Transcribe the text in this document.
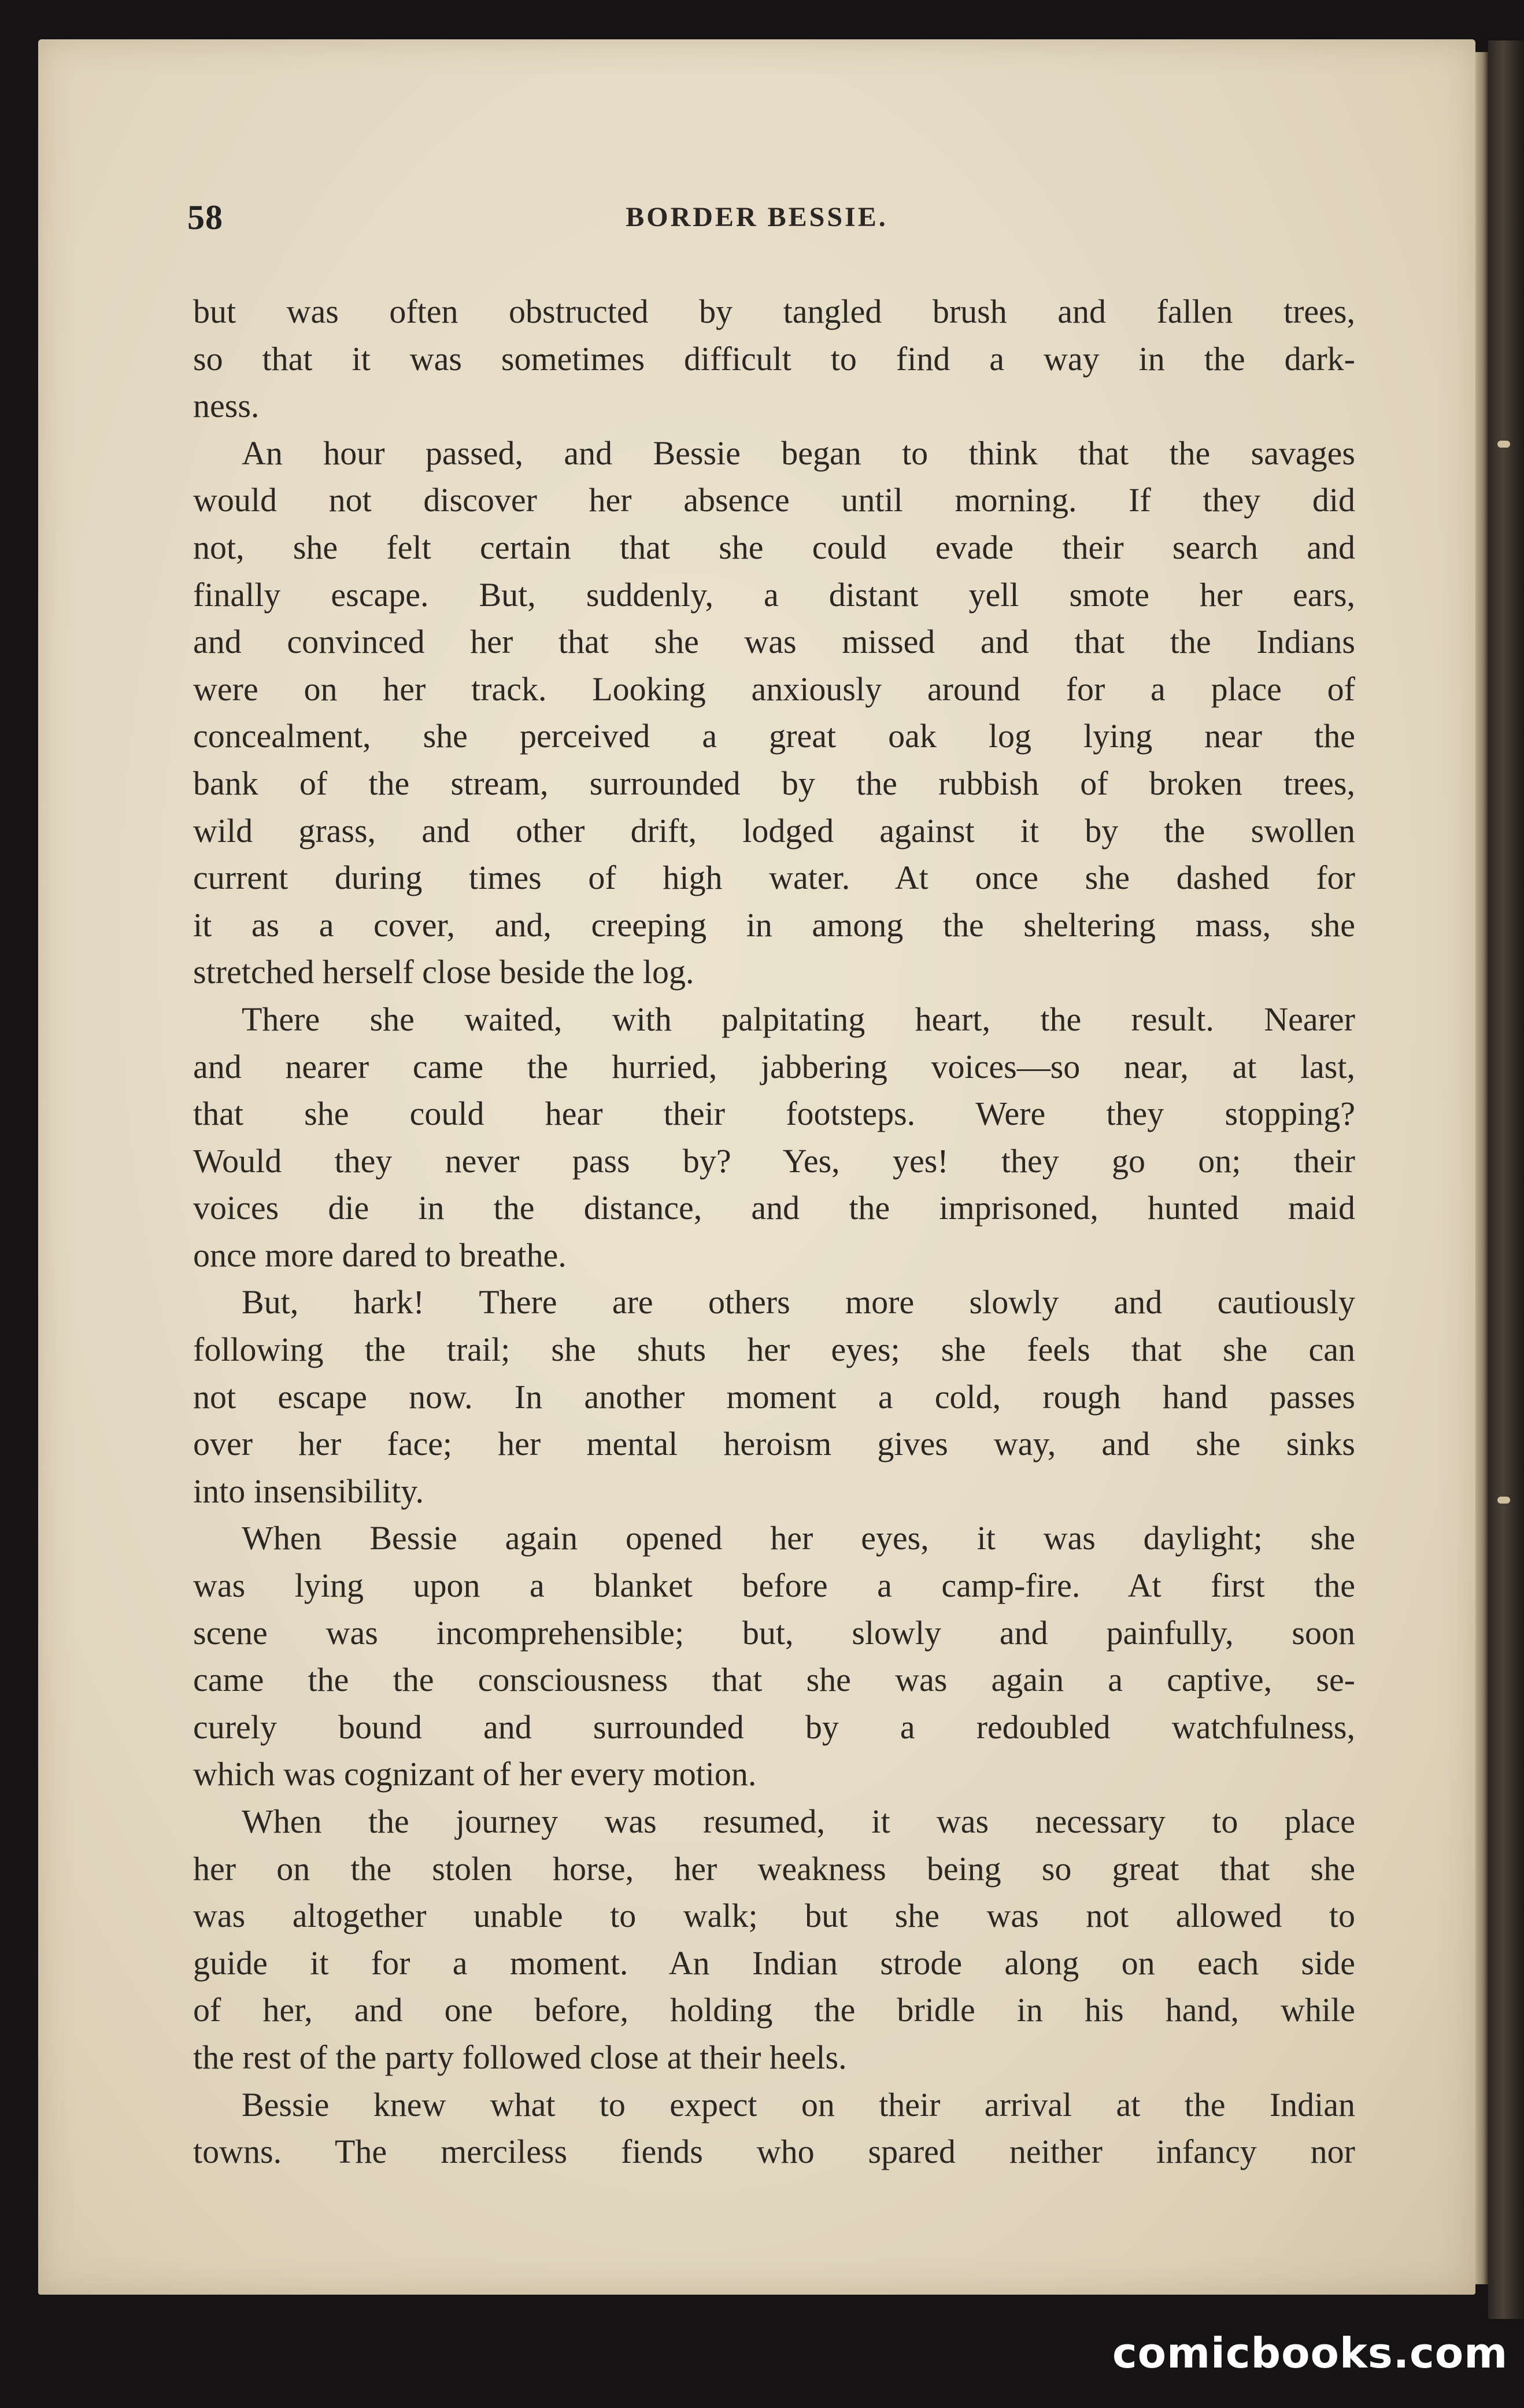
58	BORDER BESSIE.
but was often obstructed by tangled brush and fallen trees,
so that it was sometimes difficult to find a way in the dark-
ness.
An hour passed, and Bessie began to think that the savages
would not discover her absence until morning. If they did
not, she felt certain that she could evade their search and
finally escape. But, suddenly, a distant yell smote her ears,
and convinced her that she was missed and that the Indians
were on her track. Looking anxiously around for a place of
concealment, she perceived a great oak log lying near the
bank of the stream, surrounded by the rubbish of broken trees,
wild grass, and other drift, lodged against it by the swollen
current during times of high water. At once she dashed for
it as a cover, and, creeping in among the sheltering mass, she
stretched herself close beside the log.
There she waited, with palpitating heart, the result. Nearer
and nearer came the hurried, jabbering voices—so near, at last,
that she could hear their footsteps. Were they stopping?
Would they never pass by? Yes, yes! they go on; their
voices die in the distance, and the imprisoned, hunted maid
once more dared to breathe.
But, hark! There are others more slowly and cautiously
following the trail; she shuts her eyes; she feels that she can
not escape now. In another moment a cold, rough hand passes
over her face; her mental heroism gives way, and she sinks
into insensibility.
When Bessie again opened her eyes, it was daylight; she
was lying upon a blanket before a camp-fire. At first the
scene was incomprehensible; but, slowly and painfully, soon
came the the consciousness that she was again a captive, se-
curely bound and surrounded by a redoubled watchfulness,
which was cognizant of her every motion.
When the journey was resumed, it was necessary to place
her on the stolen horse, her weakness being so great that she
was altogether unable to walk; but she was not allowed to
guide it for a moment. An Indian strode along on each side
of her, and one before, holding the bridle in his hand, while
the rest of the party followed close at their heels.
Bessie knew what to expect on their arrival at the Indian
towns. The merciless fiends who spared neither infancy nor
comicbooks.com
